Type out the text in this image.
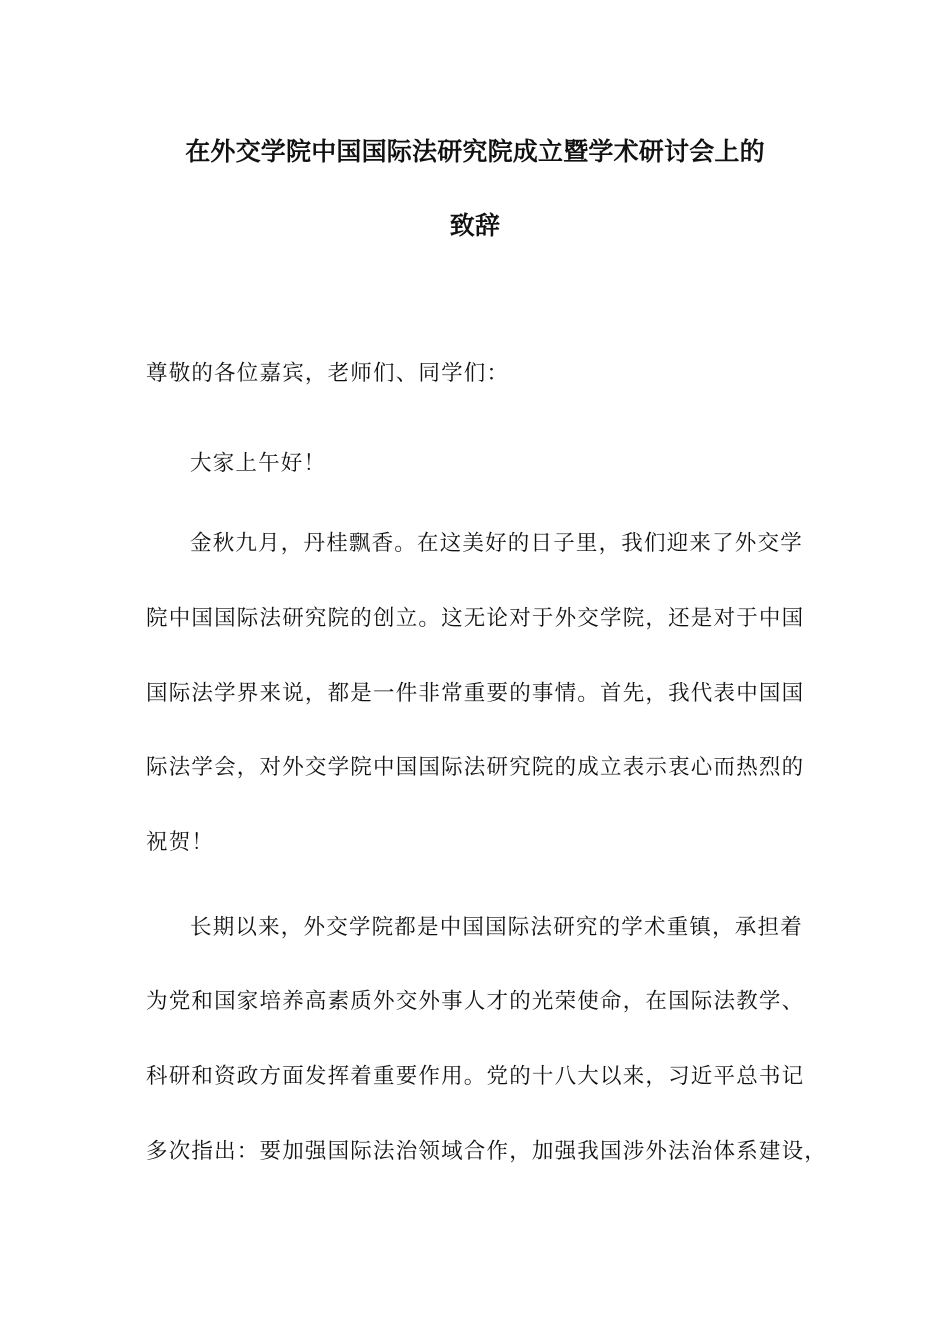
在外交学院中国国际法研究院成立暨学术研讨会上的
致辞
尊敬的各位嘉宾，老师们、同学们：
大家上午好！
金秋九月，丹桂飘香。在这美好的日子里，我们迎来了外交学
院中国国际法研究院的创立。这无论对于外交学院，还是对于中国
国际法学界来说，都是一件非常重要的事情。首先，我代表中国国
际法学会，对外交学院中国国际法研究院的成立表示衷心而热烈的
祝贺！
长期以来，外交学院都是中国国际法研究的学术重镇，承担着
为党和国家培养高素质外交外事人才的光荣使命，在国际法教学、
科研和资政方面发挥着重要作用。党的十八大以来，习近平总书记
多次指出：要加强国际法治领域合作，加强我国涉外法治体系建设，
